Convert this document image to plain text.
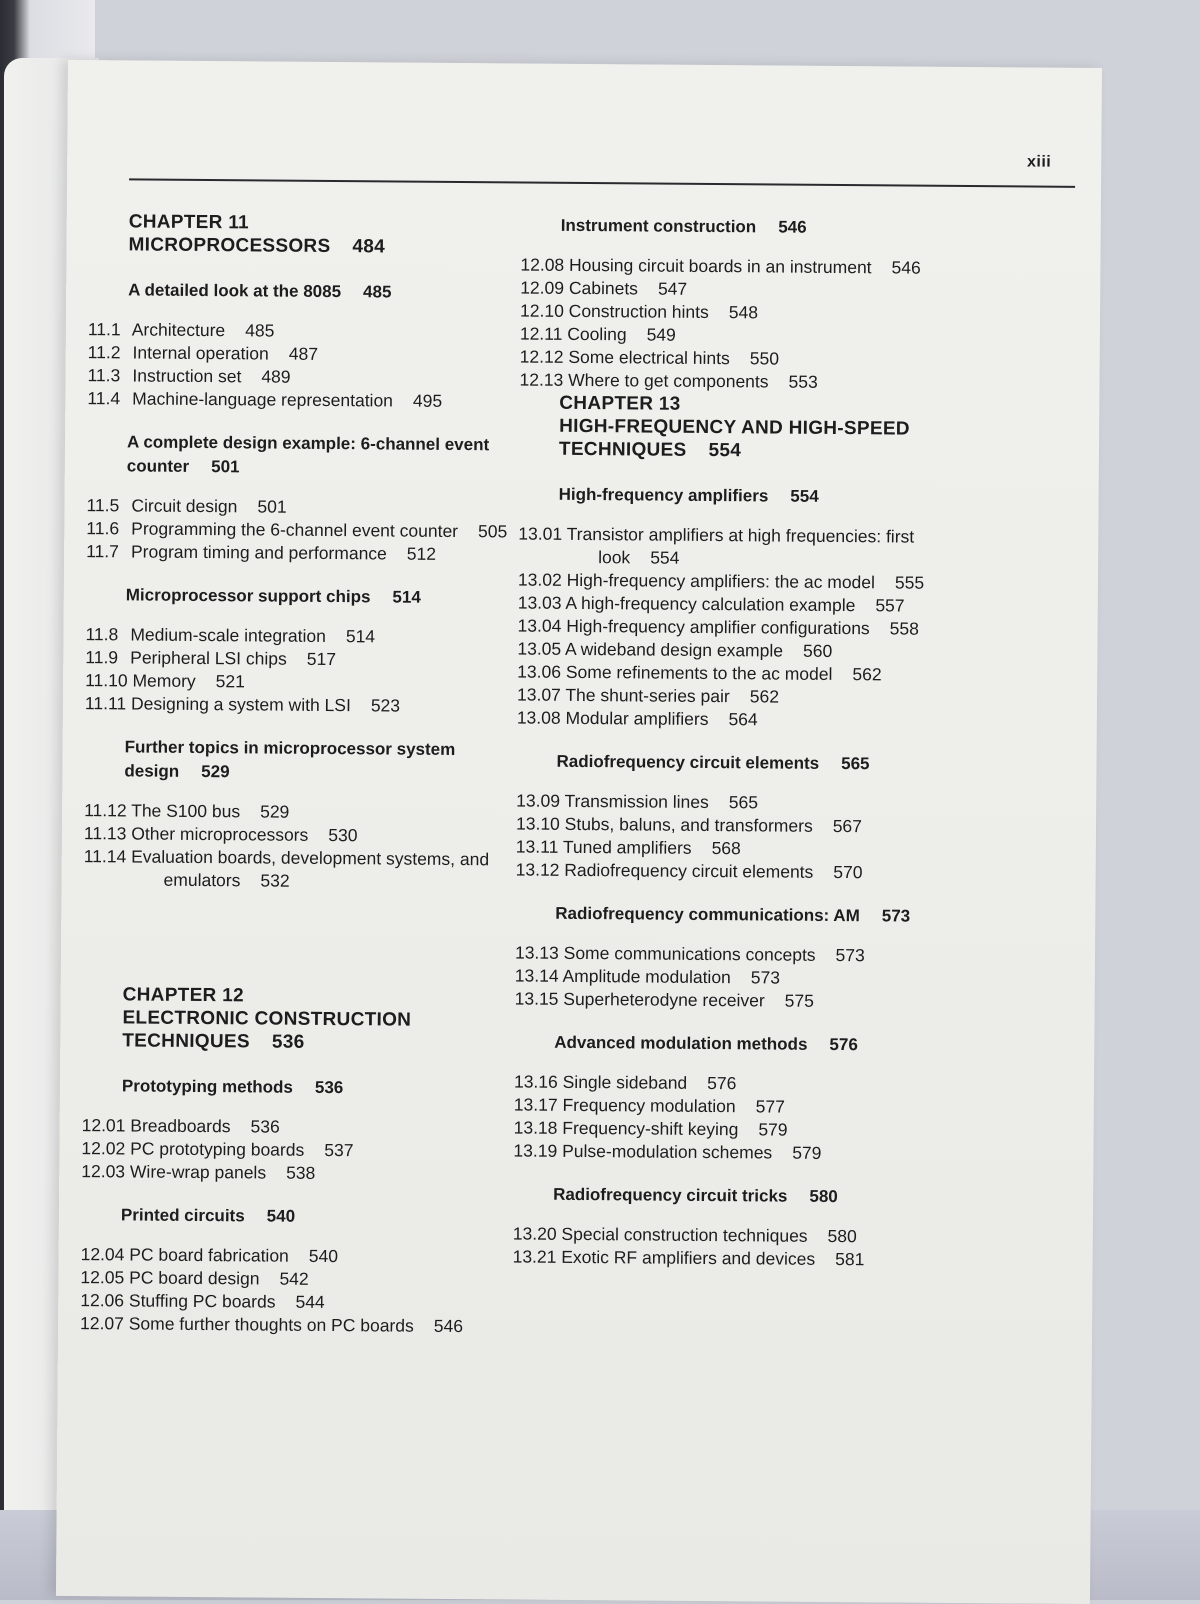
xiii
CHAPTER 11
MICROPROCESSORS 484
A detailed look at the 8085 485
11.1 Architecture 485
11.2 Internal operation 487
11.3 Instruction set 489
11.4 Machine-language representation 495
A complete design example: 6-channel event counter 501
11.5 Circuit design 501
11.6 Programming the 6-channel event counter 505
11.7 Program timing and performance 512
Microprocessor support chips 514
11.8 Medium-scale integration 514
11.9 Peripheral LSI chips 517
11.10 Memory 521
11.11 Designing a system with LSI 523
Further topics in microprocessor system design 529
11.12 The S100 bus 529
11.13 Other microprocessors 530
11.14 Evaluation boards, development systems, and emulators 532
CHAPTER 12
ELECTRONIC CONSTRUCTION TECHNIQUES 536
Prototyping methods 536
12.01 Breadboards 536
12.02 PC prototyping boards 537
12.03 Wire-wrap panels 538
Printed circuits 540
12.04 PC board fabrication 540
12.05 PC board design 542
12.06 Stuffing PC boards 544
12.07 Some further thoughts on PC boards 546
Instrument construction 546
12.08 Housing circuit boards in an instrument 546
12.09 Cabinets 547
12.10 Construction hints 548
12.11 Cooling 549
12.12 Some electrical hints 550
12.13 Where to get components 553
CHAPTER 13
HIGH-FREQUENCY AND HIGH-SPEED TECHNIQUES 554
High-frequency amplifiers 554
13.01 Transistor amplifiers at high frequencies: first look 554
13.02 High-frequency amplifiers: the ac model 555
13.03 A high-frequency calculation example 557
13.04 High-frequency amplifier configurations 558
13.05 A wideband design example 560
13.06 Some refinements to the ac model 562
13.07 The shunt-series pair 562
13.08 Modular amplifiers 564
Radiofrequency circuit elements 565
13.09 Transmission lines 565
13.10 Stubs, baluns, and transformers 567
13.11 Tuned amplifiers 568
13.12 Radiofrequency circuit elements 570
Radiofrequency communications: AM 573
13.13 Some communications concepts 573
13.14 Amplitude modulation 573
13.15 Superheterodyne receiver 575
Advanced modulation methods 576
13.16 Single sideband 576
13.17 Frequency modulation 577
13.18 Frequency-shift keying 579
13.19 Pulse-modulation schemes 579
Radiofrequency circuit tricks 580
13.20 Special construction techniques 580
13.21 Exotic RF amplifiers and devices 581
